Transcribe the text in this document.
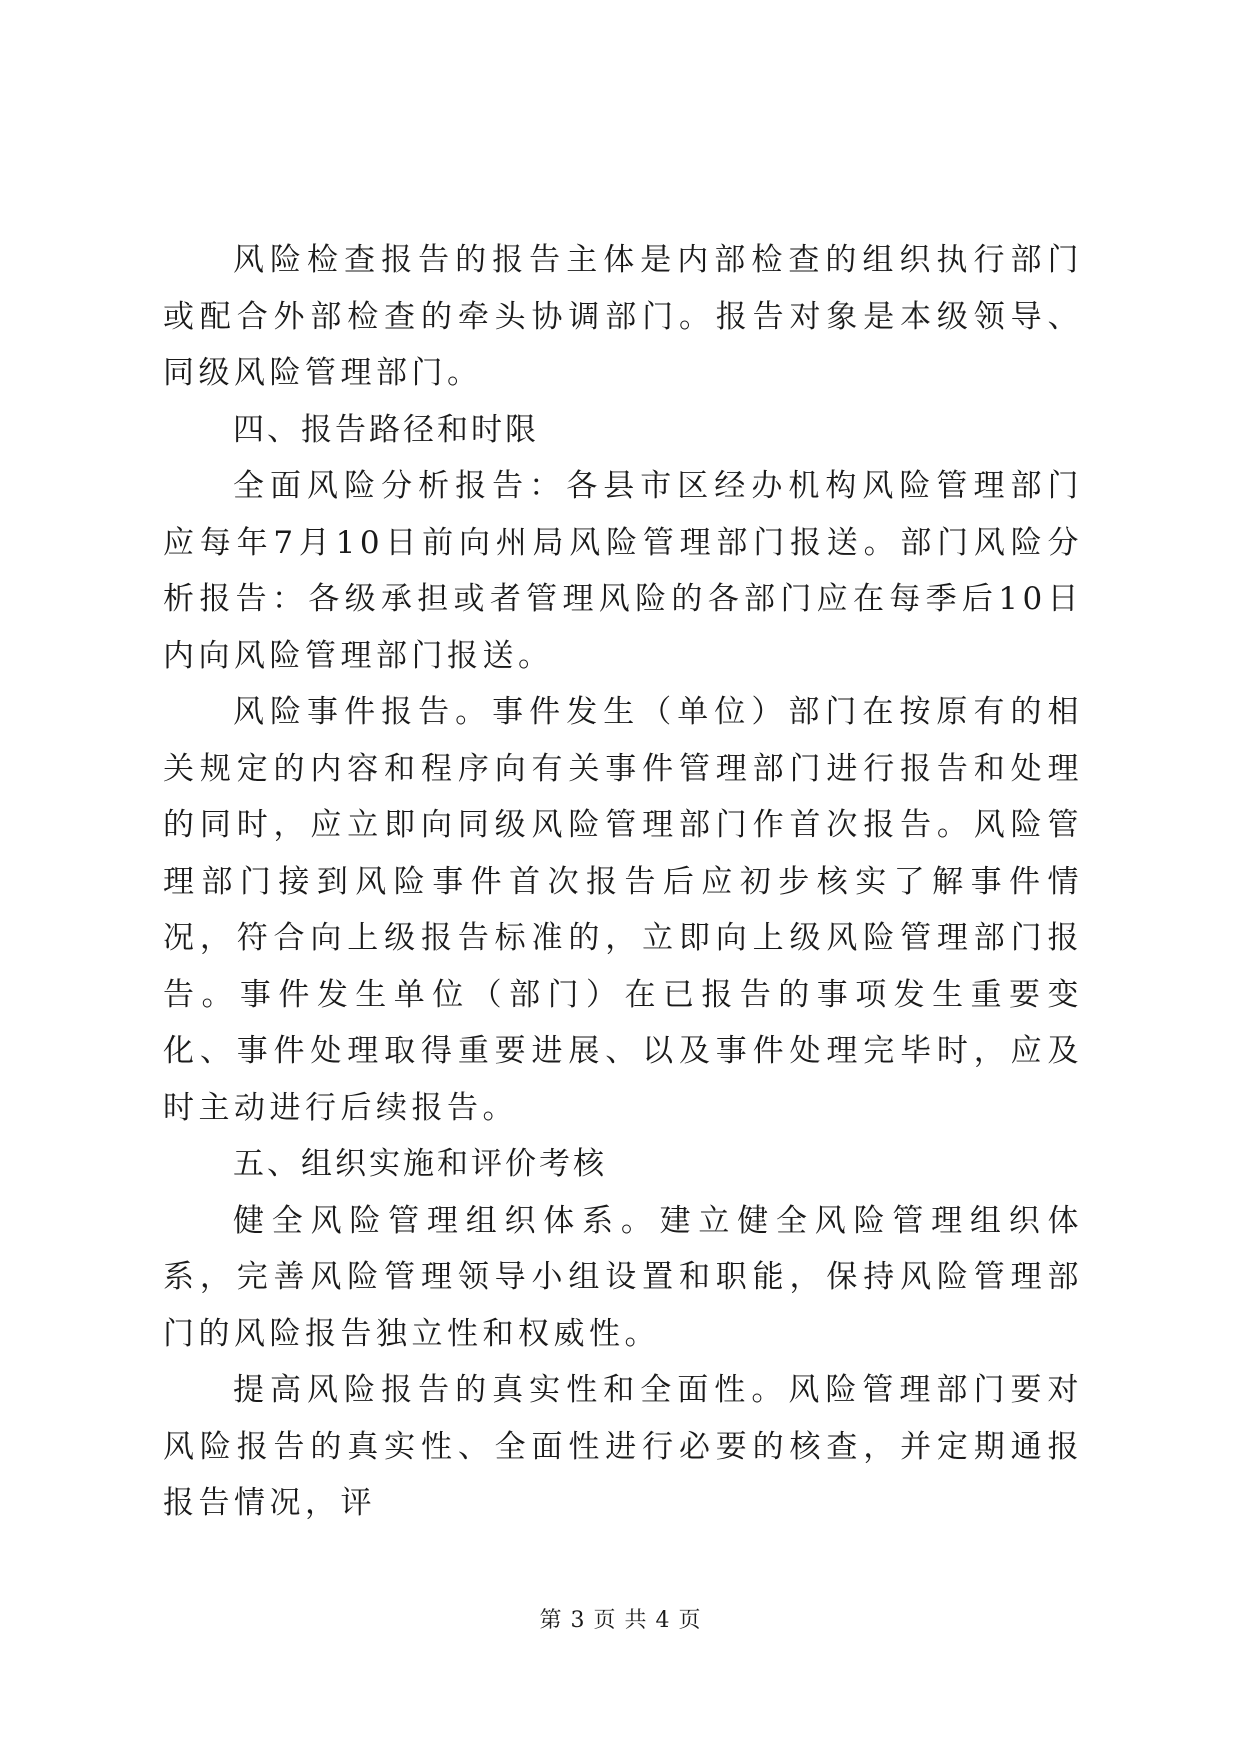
风险检查报告的报告主体是内部检查的组织执行部门或配合外部检查的牵头协调部门。报告对象是本级领导、同级风险管理部门。

四、报告路径和时限

全面风险分析报告：各县市区经办机构风险管理部门应每年7月10日前向州局风险管理部门报送。部门风险分析报告：各级承担或者管理风险的各部门应在每季后10日内向风险管理部门报送。

风险事件报告。事件发生（单位）部门在按原有的相关规定的内容和程序向有关事件管理部门进行报告和处理的同时，应立即向同级风险管理部门作首次报告。风险管理部门接到风险事件首次报告后应初步核实了解事件情况，符合向上级报告标准的，立即向上级风险管理部门报告。事件发生单位（部门）在已报告的事项发生重要变化、事件处理取得重要进展、以及事件处理完毕时，应及时主动进行后续报告。

五、组织实施和评价考核

健全风险管理组织体系。建立健全风险管理组织体系，完善风险管理领导小组设置和职能，保持风险管理部门的风险报告独立性和权威性。

提高风险报告的真实性和全面性。风险管理部门要对风险报告的真实性、全面性进行必要的核查，并定期通报报告情况，评

第 3 页 共 4 页
